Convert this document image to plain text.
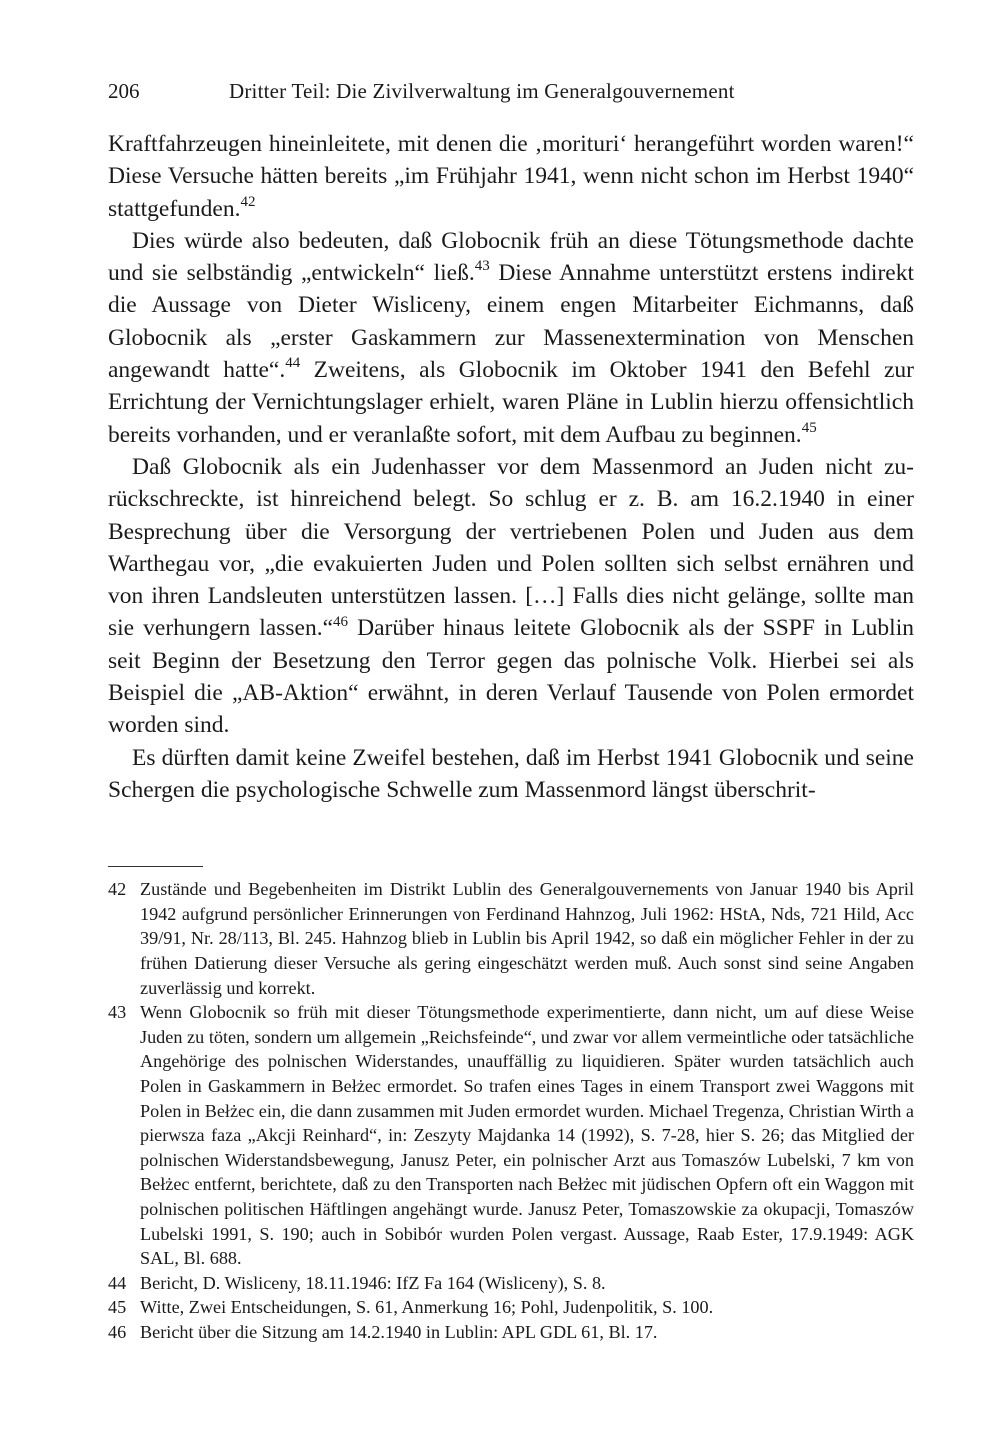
206	Dritter Teil: Die Zivilverwaltung im Generalgouvernement

Kraftfahrzeugen hineinleitete, mit denen die ‚morituri‘ herangeführt worden waren!“ Diese Versuche hätten bereits „im Frühjahr 1941, wenn nicht schon im Herbst 1940“ stattgefunden.$^{42}$

Dies würde also bedeuten, daß Globocnik früh an diese Tötungsmethode dachte und sie selbständig „entwickeln“ ließ.$^{43}$ Diese Annahme unterstützt erstens indirekt die Aussage von Dieter Wisliceny, einem engen Mitarbeiter Eichmanns, daß Globocnik als „erster Gaskammern zur Massenextermination von Menschen angewandt hatte“.$^{44}$ Zweitens, als Globocnik im Oktober 1941 den Befehl zur Errichtung der Vernichtungslager erhielt, waren Pläne in Lublin hierzu offensichtlich bereits vorhanden, und er veranlaßte sofort, mit dem Aufbau zu beginnen.$^{45}$

Daß Globocnik als ein Judenhasser vor dem Massenmord an Juden nicht zurückschreckte, ist hinreichend belegt. So schlug er z. B. am 16.2.1940 in einer Besprechung über die Versorgung der vertriebenen Polen und Juden aus dem Warthegau vor, „die evakuierten Juden und Polen sollten sich selbst ernähren und von ihren Landsleuten unterstützen lassen. […] Falls dies nicht gelänge, sollte man sie verhungern lassen.“$^{46}$ Darüber hinaus leitete Globocnik als der SSPF in Lublin seit Beginn der Besetzung den Terror gegen das polnische Volk. Hierbei sei als Beispiel die „AB-Aktion“ erwähnt, in deren Verlauf Tausende von Polen ermordet worden sind.

Es dürften damit keine Zweifel bestehen, daß im Herbst 1941 Globocnik und seine Schergen die psychologische Schwelle zum Massenmord längst überschrit-

42 Zustände und Begebenheiten im Distrikt Lublin des Generalgouvernements von Januar 1940 bis April 1942 aufgrund persönlicher Erinnerungen von Ferdinand Hahnzog, Juli 1962: HStA, Nds, 721 Hild, Acc 39/91, Nr. 28/113, Bl. 245. Hahnzog blieb in Lublin bis April 1942, so daß ein möglicher Fehler in der zu frühen Datierung dieser Versuche als gering eingeschätzt werden muß. Auch sonst sind seine Angaben zuverlässig und korrekt.
43 Wenn Globocnik so früh mit dieser Tötungsmethode experimentierte, dann nicht, um auf diese Weise Juden zu töten, sondern um allgemein „Reichsfeinde“, und zwar vor allem vermeintliche oder tatsächliche Angehörige des polnischen Widerstandes, unauffällig zu liquidieren. Später wurden tatsächlich auch Polen in Gaskammern in Bełżec ermordet. So trafen eines Tages in einem Transport zwei Waggons mit Polen in Bełżec ein, die dann zusammen mit Juden ermordet wurden. Michael Tregenza, Christian Wirth a pierwsza faza „Akcji Reinhard“, in: Zeszyty Majdanka 14 (1992), S. 7-28, hier S. 26; das Mitglied der polnischen Widerstandsbewegung, Janusz Peter, ein polnischer Arzt aus Tomaszów Lubelski, 7 km von Bełżec entfernt, berichtete, daß zu den Transporten nach Bełżec mit jüdischen Opfern oft ein Waggon mit polnischen politischen Häftlingen angehängt wurde. Janusz Peter, Tomaszowskie za okupacji, Tomaszów Lubelski 1991, S. 190; auch in Sobibór wurden Polen vergast. Aussage, Raab Ester, 17.9.1949: AGK SAL, Bl. 688.
44 Bericht, D. Wisliceny, 18.11.1946: IfZ Fa 164 (Wisliceny), S. 8.
45 Witte, Zwei Entscheidungen, S. 61, Anmerkung 16; Pohl, Judenpolitik, S. 100.
46 Bericht über die Sitzung am 14.2.1940 in Lublin: APL GDL 61, Bl. 17.
